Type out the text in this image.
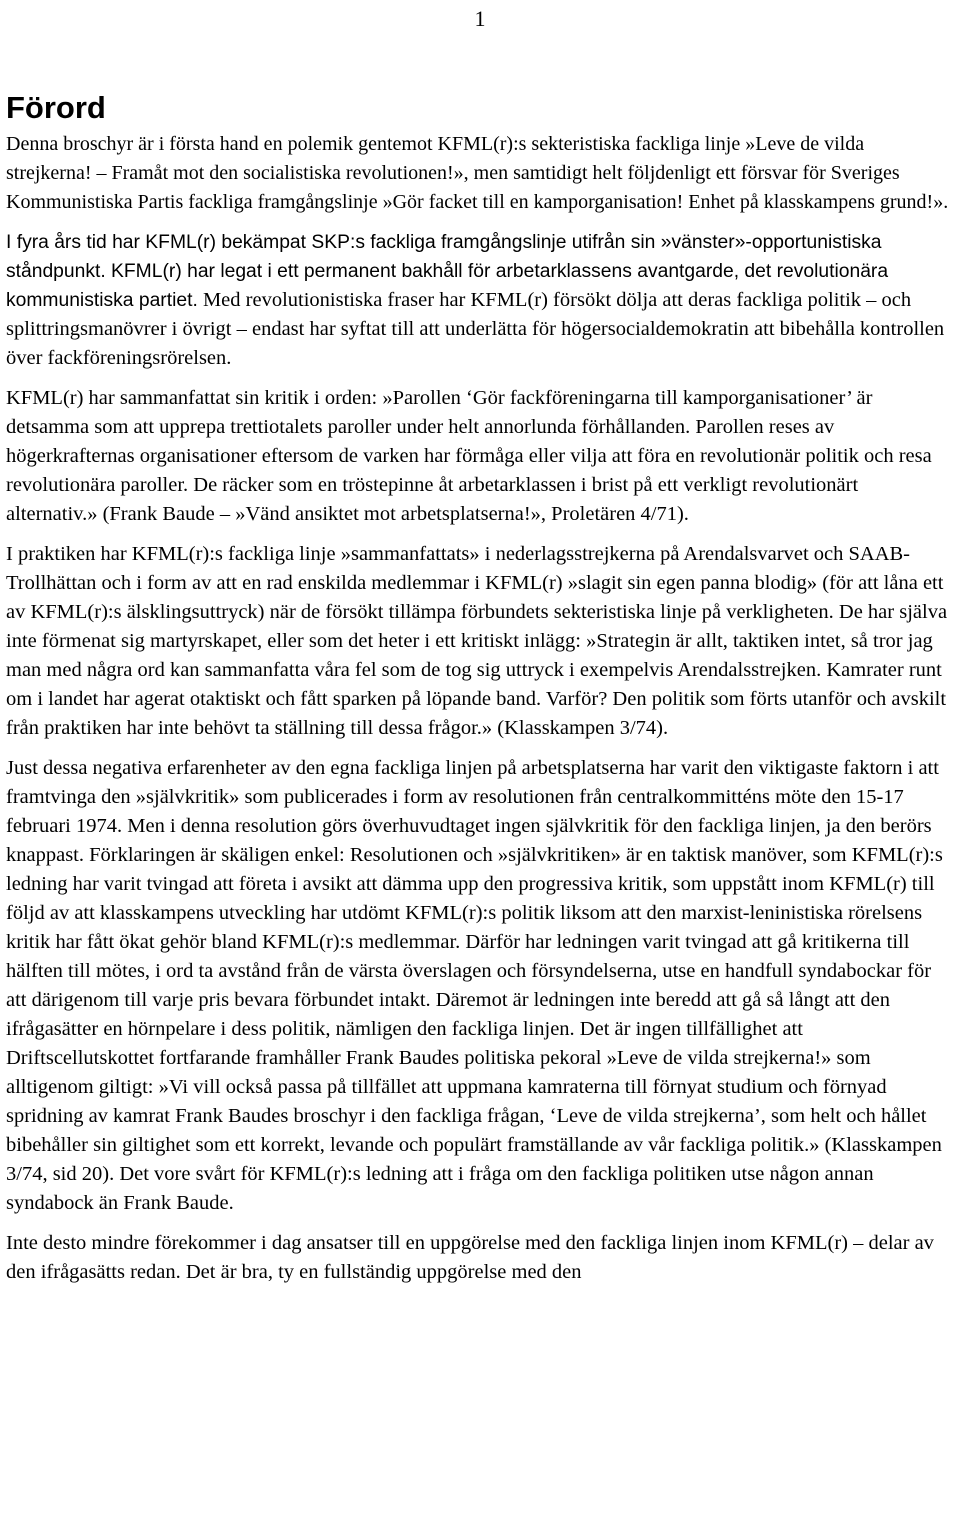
1
Förord

Denna broschyr är i första hand en polemik gentemot KFML(r):s sekteristiska fackliga linje »Leve de vilda strejkerna! – Framåt mot den socialistiska revolutionen!», men samtidigt helt följdenligt ett försvar för Sveriges Kommunistiska Partis fackliga framgångslinje »Gör facket till en kamporganisation! Enhet på klasskampens grund!».

I fyra års tid har KFML(r) bekämpat SKP:s fackliga framgångslinje utifrån sin »vänster»-opportunistiska ståndpunkt. KFML(r) har legat i ett permanent bakhåll för arbetarklassens avantgarde, det revolutionära kommunistiska partiet. Med revolutionistiska fraser har KFML(r) försökt dölja att deras fackliga politik – och splittringsmanövrer i övrigt – endast har syftat till att underlätta för högersocialdemokratin att bibehålla kontrollen över fackföreningsrörelsen.

KFML(r) har sammanfattat sin kritik i orden: »Parollen ‘Gör fackföreningarna till kamporganisationer’ är detsamma som att upprepa trettiotalets paroller under helt annorlunda förhållanden. Parollen reses av högerkrafternas organisationer eftersom de varken har förmåga eller vilja att föra en revolutionär politik och resa revolutionära paroller. De räcker som en tröstepinne åt arbetarklassen i brist på ett verkligt revolutionärt alternativ.» (Frank Baude – »Vänd ansiktet mot arbetsplatserna!», Proletären 4/71).

I praktiken har KFML(r):s fackliga linje »sammanfattats» i nederlagsstrejkerna på Arendalsvarvet och SAAB-Trollhättan och i form av att en rad enskilda medlemmar i KFML(r) »slagit sin egen panna blodig» (för att låna ett av KFML(r):s älsklingsuttryck) när de försökt tillämpa förbundets sekteristiska linje på verkligheten. De har själva inte förmenat sig martyrskapet, eller som det heter i ett kritiskt inlägg: »Strategin är allt, taktiken intet, så tror jag man med några ord kan sammanfatta våra fel som de tog sig uttryck i exempelvis Arendalsstrejken. Kamrater runt om i landet har agerat otaktiskt och fått sparken på löpande band. Varför? Den politik som förts utanför och avskilt från praktiken har inte behövt ta ställning till dessa frågor.» (Klasskampen 3/74).

Just dessa negativa erfarenheter av den egna fackliga linjen på arbetsplatserna har varit den viktigaste faktorn i att framtvinga den »självkritik» som publicerades i form av resolutionen från centralkommitténs möte den 15-17 februari 1974. Men i denna resolution görs överhuvudtaget ingen självkritik för den fackliga linjen, ja den berörs knappast. Förklaringen är skäligen enkel: Resolutionen och »självkritiken» är en taktisk manöver, som KFML(r):s ledning har varit tvingad att företa i avsikt att dämma upp den progressiva kritik, som uppstått inom KFML(r) till följd av att klasskampens utveckling har utdömt KFML(r):s politik liksom att den marxist-leninistiska rörelsens kritik har fått ökat gehör bland KFML(r):s medlemmar. Därför har ledningen varit tvingad att gå kritikerna till hälften till mötes, i ord ta avstånd från de värsta överslagen och försyndelserna, utse en handfull syndabockar för att därigenom till varje pris bevara förbundet intakt. Däremot är ledningen inte beredd att gå så långt att den ifrågasätter en hörnpelare i dess politik, nämligen den fackliga linjen. Det är ingen tillfällighet att Driftscellutskottet fortfarande framhåller Frank Baudes politiska pekoral »Leve de vilda strejkerna!» som alltigenom giltigt: »Vi vill också passa på tillfället att uppmana kamraterna till förnyat studium och förnyad spridning av kamrat Frank Baudes broschyr i den fackliga frågan, ‘Leve de vilda strejkerna’, som helt och hållet bibehåller sin giltighet som ett korrekt, levande och populärt framställande av vår fackliga politik.» (Klasskampen 3/74, sid 20). Det vore svårt för KFML(r):s ledning att i fråga om den fackliga politiken utse någon annan syndabock än Frank Baude.

Inte desto mindre förekommer i dag ansatser till en uppgörelse med den fackliga linjen inom KFML(r) – delar av den ifrågasätts redan. Det är bra, ty en fullständig uppgörelse med den
